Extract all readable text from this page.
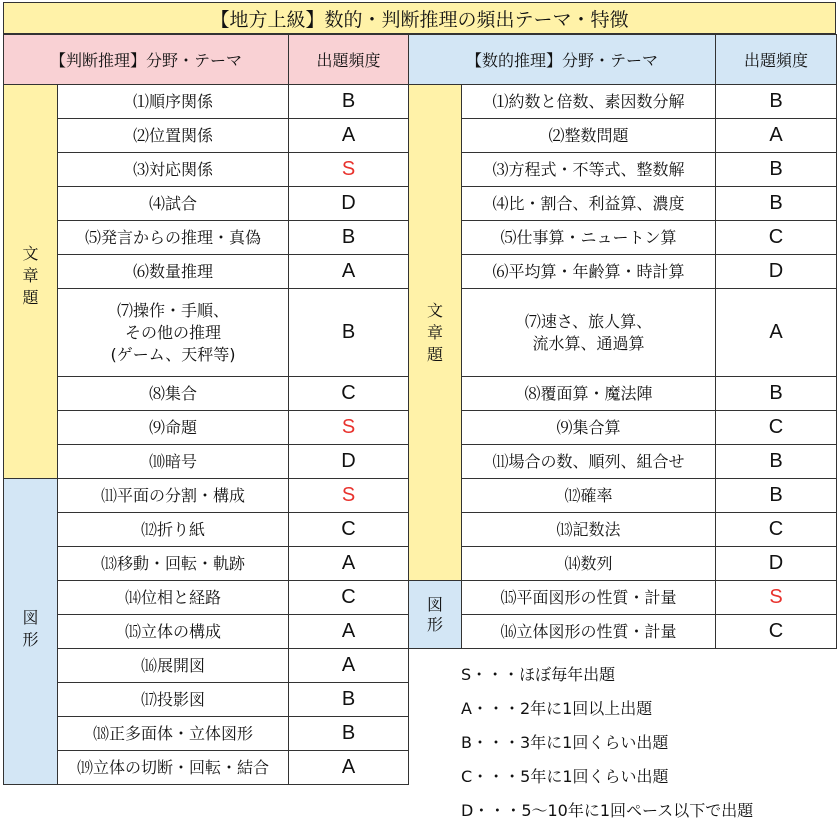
【地方上級】数的・判断推理の頻出テーマ・特徴
【判断推理】分野・テーマ		出題頻度

文
章
題	⑴順序関係	B
	⑵位置関係	A
	⑶対応関係	S
	⑷試合	D
	⑸発言からの推理・真偽	B
	⑹数量推理	A

	⑺操作・手順、
その他の推理
(ゲーム、天秤等)	B
	⑻集合	C
	⑼命題	S
	⑽暗号	D

図
形	⑾平面の分割・構成	S
	⑿折り紙	C
	⒀移動・回転・軌跡	A
	⒁位相と経路	C
	⒂立体の構成	A
	⒃展開図	A
	⒄投影図	B
	⒅正多面体・立体図形	B
	⒆立体の切断・回転・結合	A
【数的推理】分野・テーマ		出題頻度

文
章
題	⑴約数と倍数、素因数分解	B
	⑵整数問題	A
	⑶方程式・不等式、整数解	B
	⑷比・割合、利益算、濃度	B
	⑸仕事算・ニュートン算	C
	⑹平均算・年齢算・時計算	D

	⑺速さ、旅人算、
流水算、通過算	A
	⑻覆面算・魔法陣	B
	⑼集合算	C
	⑾場合の数、順列、組合せ	B
	⑿確率	B
	⒀記数法	C
	⒁数列	D

図
形	⒂平面図形の性質・計量	S
	⒃立体図形の性質・計量	C
S・・・ほぼ毎年出題
A・・・2年に1回以上出題
B・・・3年に1回くらい出題
C・・・5年に1回くらい出題
D・・・5～10年に1回ペース以下で出題
